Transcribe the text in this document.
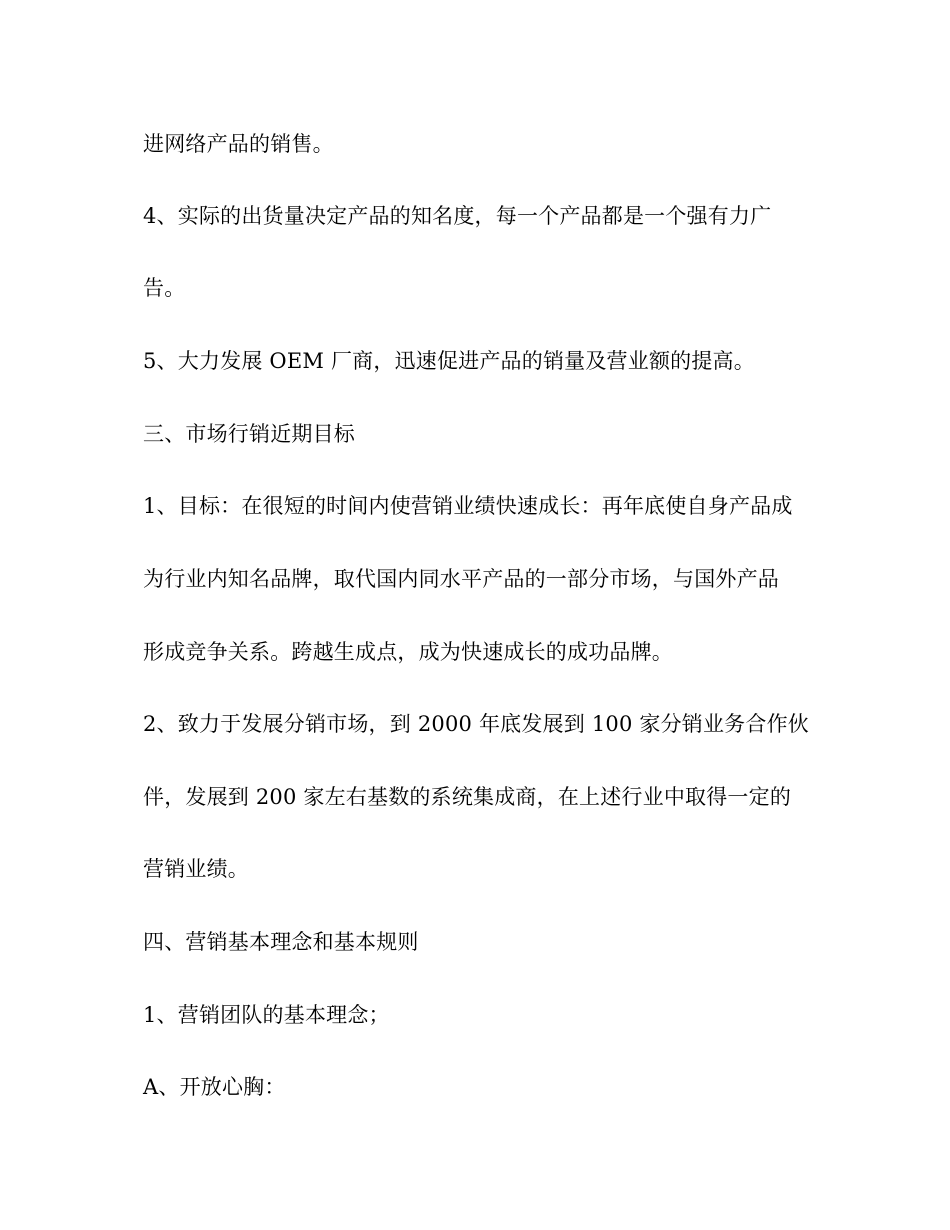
进网络产品的销售。
4、实际的出货量决定产品的知名度，每一个产品都是一个强有力广
告。
5、大力发展 OEM 厂商，迅速促进产品的销量及营业额的提高。
三、市场行销近期目标
1、目标：在很短的时间内使营销业绩快速成长：再年底使自身产品成
为行业内知名品牌，取代国内同水平产品的一部分市场，与国外产品
形成竞争关系。跨越生成点，成为快速成长的成功品牌。
2、致力于发展分销市场，到 2000 年底发展到 100 家分销业务合作伙
伴，发展到 200 家左右基数的系统集成商，在上述行业中取得一定的
营销业绩。
四、营销基本理念和基本规则
1、营销团队的基本理念；
A、开放心胸：
